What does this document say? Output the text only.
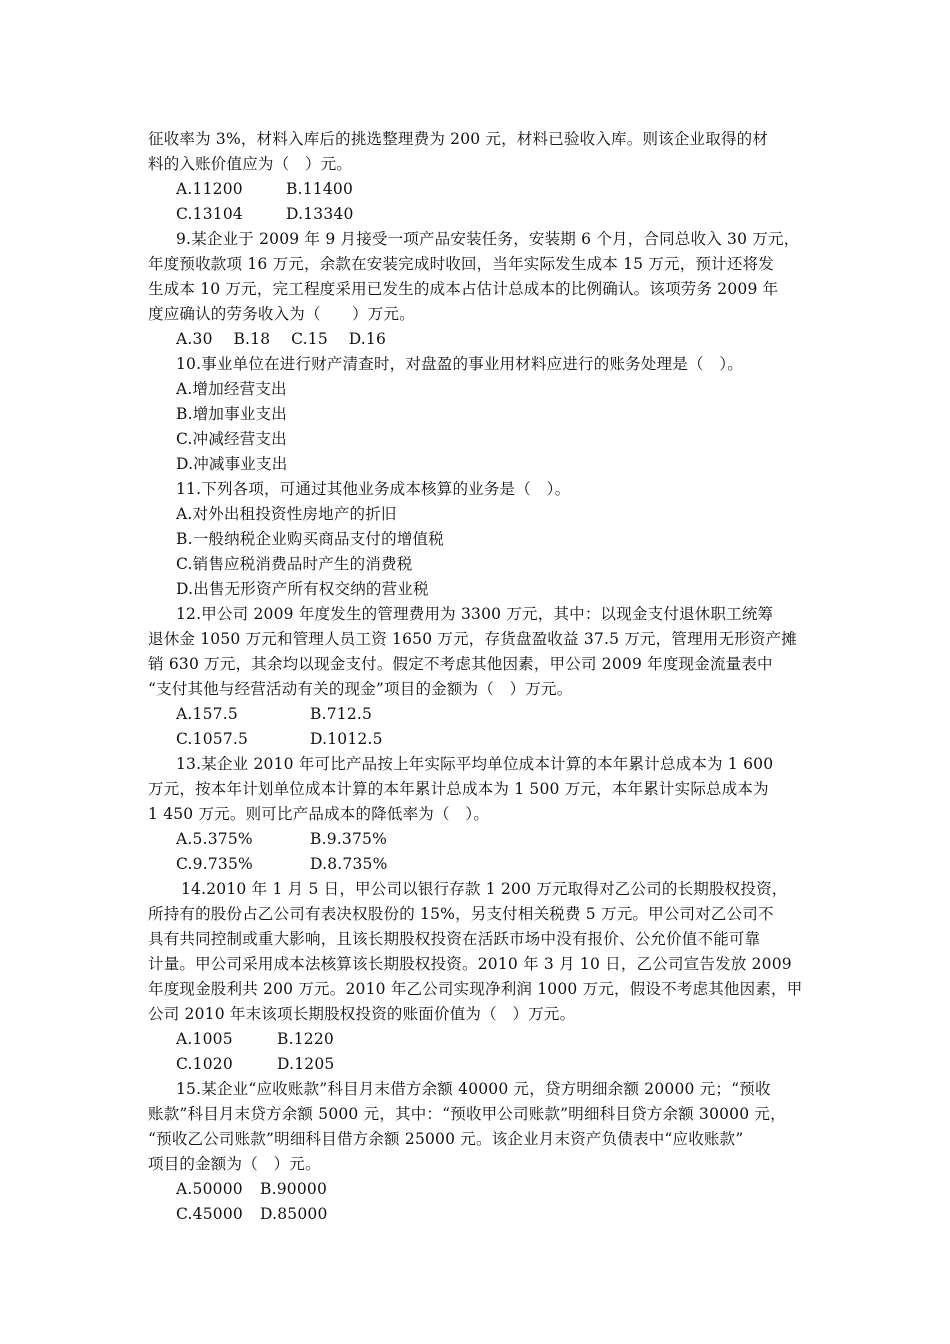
征收率为 3%，材料入库后的挑选整理费为 200 元，材料已验收入库。则该企业取得的材
料的入账价值应为（　）元。
A.11200	B.11400
C.13104	D.13340
9.某企业于 2009 年 9 月接受一项产品安装任务，安装期 6 个月，合同总收入 30 万元，
年度预收款项 16 万元，余款在安装完成时收回，当年实际发生成本 15 万元，预计还将发
生成本 10 万元，完工程度采用已发生的成本占估计总成本的比例确认。该项劳务 2009 年
度应确认的劳务收入为（　　）万元。
A.30　 B.18　 C.15　 D.16
10.事业单位在进行财产清查时，对盘盈的事业用材料应进行的账务处理是（　）。
A.增加经营支出
B.增加事业支出
C.冲减经营支出
D.冲减事业支出
11.下列各项，可通过其他业务成本核算的业务是（　）。
A.对外出租投资性房地产的折旧
B.一般纳税企业购买商品支付的增值税
C.销售应税消费品时产生的消费税
D.出售无形资产所有权交纳的营业税
12.甲公司 2009 年度发生的管理费用为 3300 万元，其中：以现金支付退休职工统筹
退休金 1050 万元和管理人员工资 1650 万元，存货盘盈收益 37.5 万元，管理用无形资产摊
销 630 万元，其余均以现金支付。假定不考虑其他因素，甲公司 2009 年度现金流量表中
“支付其他与经营活动有关的现金”项目的金额为（　）万元。
A.157.5	B.712.5
C.1057.5	D.1012.5
13.某企业 2010 年可比产品按上年实际平均单位成本计算的本年累计总成本为 1 600
万元，按本年计划单位成本计算的本年累计总成本为 1 500 万元，本年累计实际总成本为
1 450 万元。则可比产品成本的降低率为（　）。
A.5.375%	B.9.375%
C.9.735%	D.8.735%
14.2010 年 1 月 5 日，甲公司以银行存款 1 200 万元取得对乙公司的长期股权投资，
所持有的股份占乙公司有表决权股份的 15%，另支付相关税费 5 万元。甲公司对乙公司不
具有共同控制或重大影响，且该长期股权投资在活跃市场中没有报价、公允价值不能可靠
计量。甲公司采用成本法核算该长期股权投资。2010 年 3 月 10 日，乙公司宣告发放 2009
年度现金股利共 200 万元。2010 年乙公司实现净利润 1000 万元，假设不考虑其他因素，甲
公司 2010 年末该项长期股权投资的账面价值为（　）万元。
A.1005	B.1220
C.1020	D.1205
15.某企业“应收账款”科目月末借方余额 40000 元，贷方明细余额 20000 元；“预收
账款”科目月末贷方余额 5000 元，其中：“预收甲公司账款”明细科目贷方余额 30000 元，
“预收乙公司账款”明细科目借方余额 25000 元。该企业月末资产负债表中“应收账款”
项目的金额为（　）元。
A.50000 B.90000
C.45000 D.85000
